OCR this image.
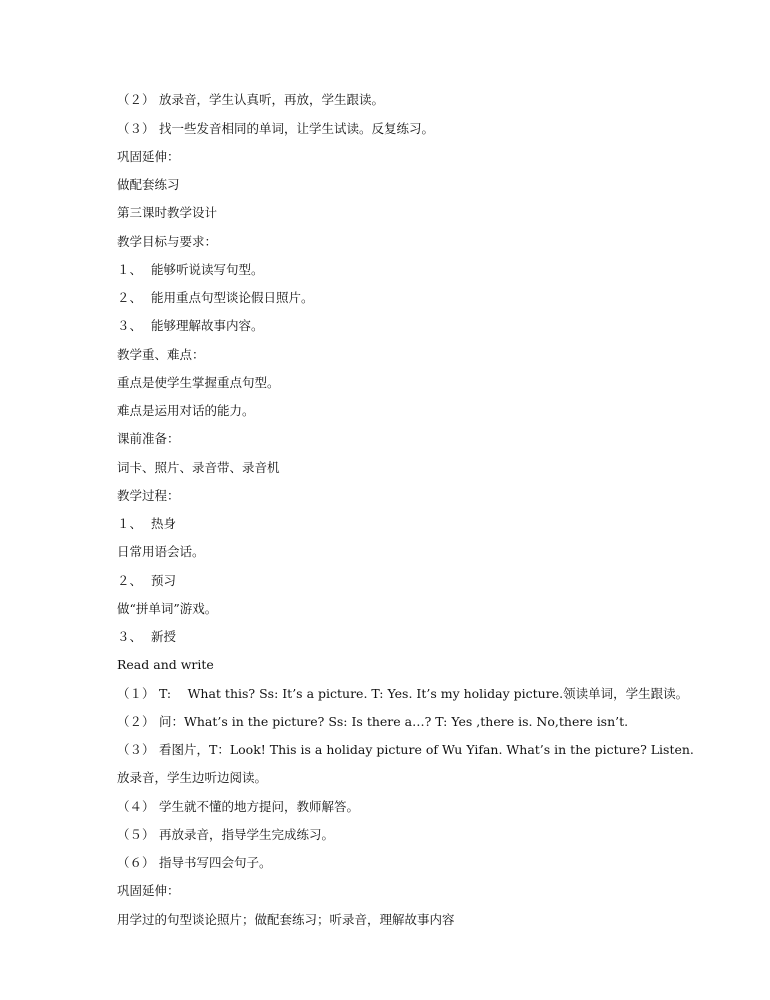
（２） 放录音，学生认真听，再放，学生跟读。
（３） 找一些发音相同的单词，让学生试读。反复练习。
巩固延伸：
做配套练习
第三课时教学设计
教学目标与要求：
１、 能够听说读写句型。
２、 能用重点句型谈论假日照片。
３、 能够理解故事内容。
教学重、难点：
重点是使学生掌握重点句型。
难点是运用对话的能力。
课前准备：
词卡、照片、录音带、录音机
教学过程：
１、 热身
日常用语会话。
２、 预习
做“拼单词”游戏。
３、 新授
Read and write
（１） T:　 What this? Ss: It’s a picture. T: Yes. It’s my holiday picture.领读单词，学生跟读。
（２） 问：What’s in the picture? Ss: Is there a…? T: Yes ,there is. No,there isn’t.
（３） 看图片，T：Look! This is a holiday picture of Wu Yifan. What’s in the picture? Listen.
放录音，学生边听边阅读。
（４） 学生就不懂的地方提问，教师解答。
（５） 再放录音，指导学生完成练习。
（６） 指导书写四会句子。
巩固延伸：
用学过的句型谈论照片；做配套练习；听录音，理解故事内容
